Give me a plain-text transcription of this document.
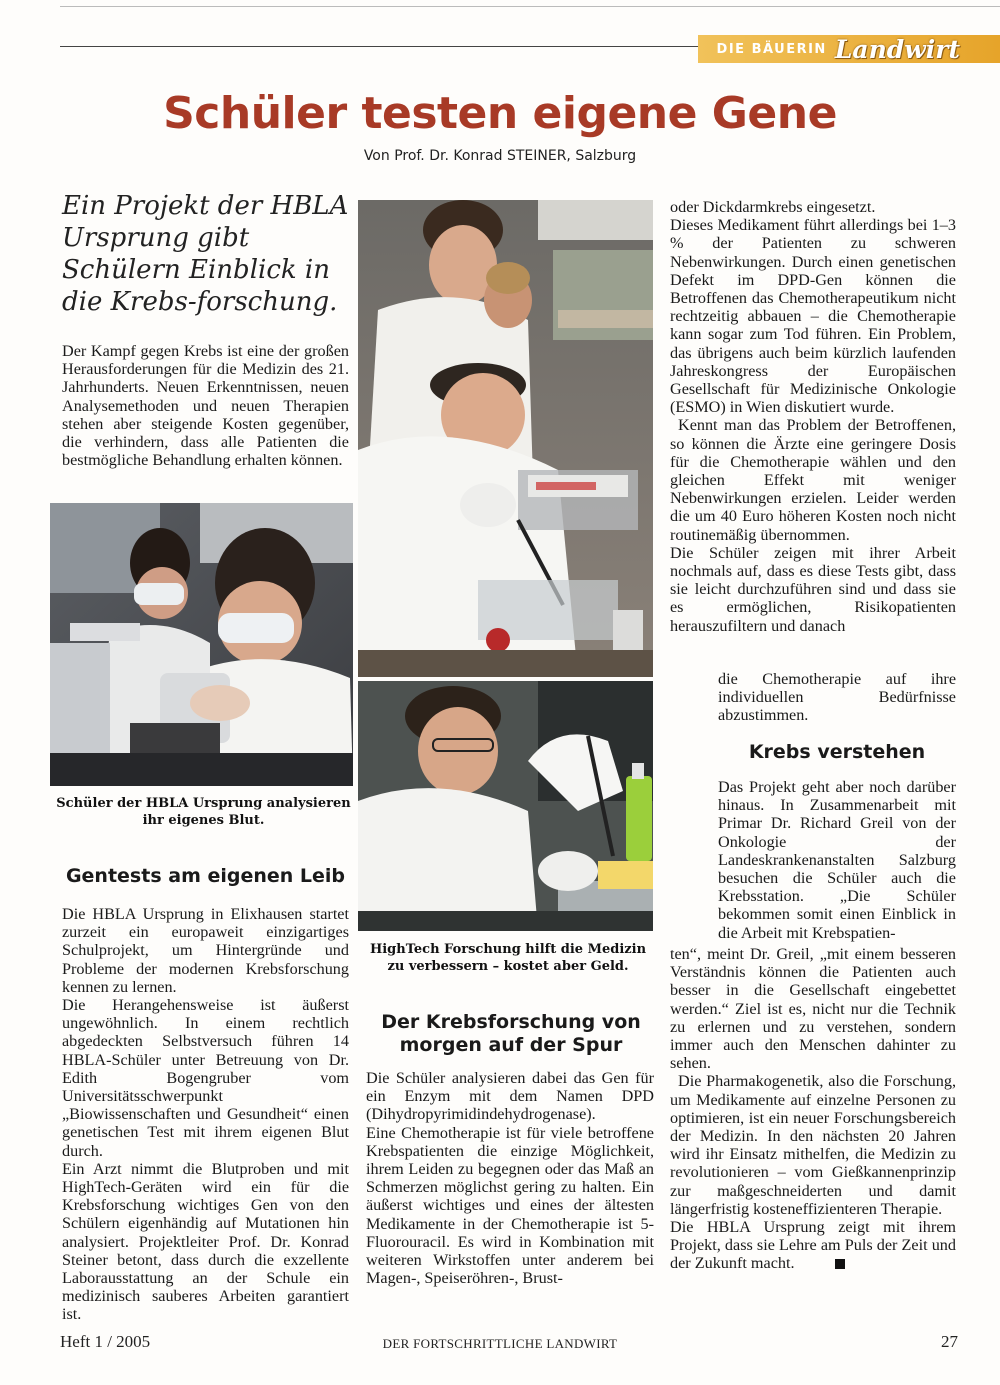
DIE BÄUERIN Landwirt
Schüler testen eigene Gene
Von Prof. Dr. Konrad STEINER, Salzburg
Ein Projekt der HBLA Ursprung gibt Schülern Einblick in die Krebs-forschung.

Der Kampf gegen Krebs ist eine der großen Herausforderungen für die Medizin des 21. Jahrhunderts. Neuen Erkenntnissen, neuen Analysemethoden und neuen Therapien stehen aber steigende Kosten gegenüber, die verhindern, dass alle Patienten die bestmögliche Behandlung erhalten können.

Schüler der HBLA Ursprung analysieren ihr eigenes Blut.
Gentests am eigenen Leib

Die HBLA Ursprung in Elixhausen startet zurzeit ein europaweit einzigartiges Schulprojekt, um Hintergründe und Probleme der modernen Krebsforschung kennen zu lernen.

Die Herangehensweise ist äußerst ungewöhnlich. In einem rechtlich abgedeckten Selbstversuch führen 14 HBLA-Schüler unter Betreuung von Dr. Edith Bogengruber vom Universitätsschwerpunkt „Biowissenschaften und Gesundheit“ einen genetischen Test mit ihrem eigenen Blut durch.

Ein Arzt nimmt die Blutproben und mit HighTech-Geräten wird ein für die Krebsforschung wichtiges Gen von den Schülern eigenhändig auf Mutationen hin analysiert. Projektleiter Prof. Dr. Konrad Steiner betont, dass durch die exzellente Laborausstattung an der Schule ein medizinisch sauberes Arbeiten garantiert ist.

HighTech Forschung hilft die Medizin zu verbessern – kostet aber Geld.
Der Krebsforschung von morgen auf der Spur

Die Schüler analysieren dabei das Gen für ein Enzym mit dem Namen DPD (Dihydropyrimidindehydrogenase).

Eine Chemotherapie ist für viele betroffene Krebspatienten die einzige Möglichkeit, ihrem Leiden zu begegnen oder das Maß an Schmerzen möglichst gering zu halten. Ein äußerst wichtiges und eines der ältesten Medikamente in der Chemotherapie ist 5-Fluorouracil. Es wird in Kombination mit weiteren Wirkstoffen unter anderem bei Magen-, Speiseröhren-, Brust-

oder Dickdarmkrebs eingesetzt.

Dieses Medikament führt allerdings bei 1–3 % der Patienten zu schweren Nebenwirkungen. Durch einen genetischen Defekt im DPD-Gen können die Betroffenen das Chemotherapeutikum nicht rechtzeitig abbauen – die Chemotherapie kann sogar zum Tod führen. Ein Problem, das übrigens auch beim kürzlich laufenden Jahreskongress der Europäischen Gesellschaft für Medizinische Onkologie (ESMO) in Wien diskutiert wurde.

Kennt man das Problem der Betroffenen, so können die Ärzte eine geringere Dosis für die Chemotherapie wählen und den gleichen Effekt mit weniger Nebenwirkungen erzielen. Leider werden die um 40 Euro höheren Kosten noch nicht routinemäßig übernommen.

Die Schüler zeigen mit ihrer Arbeit nochmals auf, dass es diese Tests gibt, dass sie leicht durchzuführen sind und dass sie es ermöglichen, Risikopatienten herauszufiltern und danach

die Chemotherapie auf ihre individuellen Bedürfnisse abzustimmen.

Krebs verstehen

Das Projekt geht aber noch darüber hinaus. In Zusammenarbeit mit Primar Dr. Richard Greil von der Onkologie der Landeskrankenanstalten Salzburg besuchen die Schüler auch die Krebsstation. „Die Schüler bekommen somit einen Einblick in die Arbeit mit Krebspatien-

ten“, meint Dr. Greil, „mit einem besseren Verständnis können die Patienten auch besser in die Gesellschaft eingebettet werden.“ Ziel ist es, nicht nur die Technik zu erlernen und zu verstehen, sondern immer auch den Menschen dahinter zu sehen.

Die Pharmakogenetik, also die Forschung, um Medikamente auf einzelne Personen zu optimieren, ist ein neuer Forschungsbereich der Medizin. In den nächsten 20 Jahren wird ihr Einsatz mithelfen, die Medizin zu revolutionieren – vom Gießkannenprinzip zur maßgeschneiderten und damit längerfristig kosteneffizienteren Therapie.

Die HBLA Ursprung zeigt mit ihrem Projekt, dass sie Lehre am Puls der Zeit und der Zukunft macht.

Heft 1 / 2005	DER FORTSCHRITTLICHE LANDWIRT	27
